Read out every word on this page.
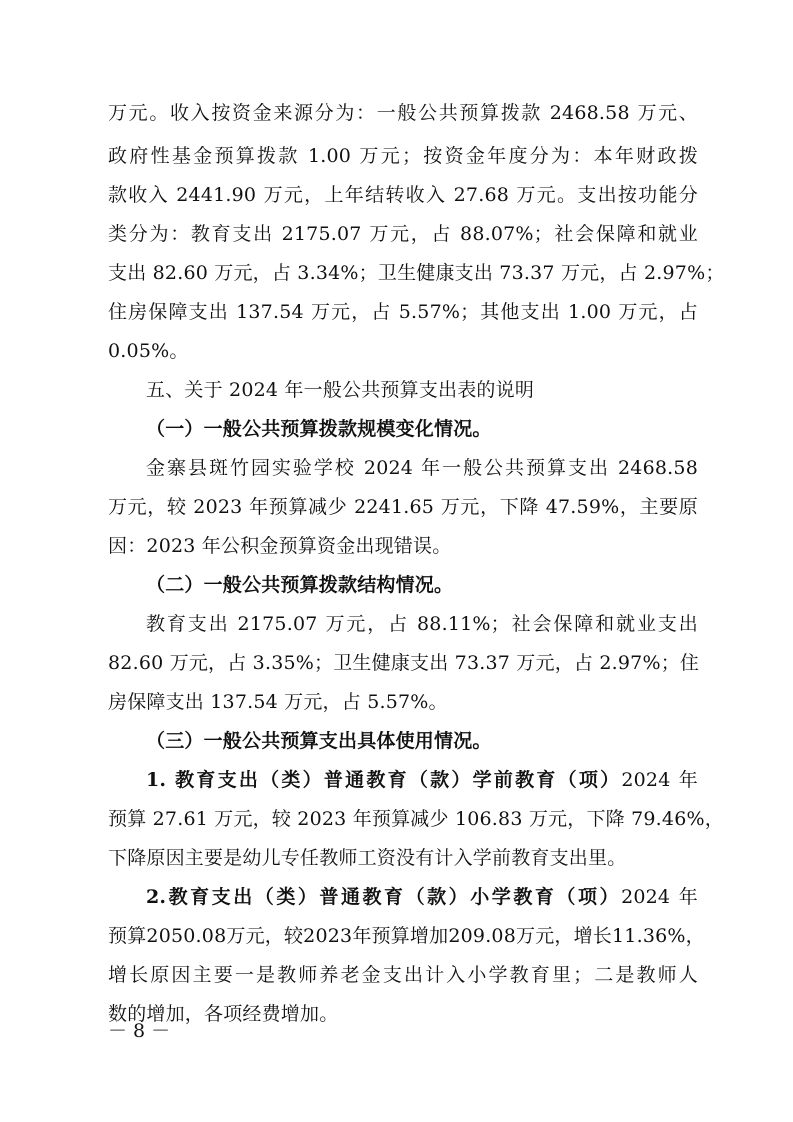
万元。收入按资金来源分为：一般公共预算拨款 2468.58 万元、
政府性基金预算拨款 1.00 万元；按资金年度分为：本年财政拨
款收入 2441.90 万元，上年结转收入 27.68 万元。支出按功能分
类分为：教育支出 2175.07 万元，占 88.07%；社会保障和就业
支出 82.60 万元，占 3.34%；卫生健康支出 73.37 万元，占 2.97%；
住房保障支出 137.54 万元，占 5.57%；其他支出 1.00 万元，占
0.05%。
五、关于 2024 年一般公共预算支出表的说明
（一）一般公共预算拨款规模变化情况。
金寨县斑竹园实验学校 2024 年一般公共预算支出 2468.58
万元，较 2023 年预算减少 2241.65 万元，下降 47.59%，主要原
因：2023 年公积金预算资金出现错误。
（二）一般公共预算拨款结构情况。
教育支出 2175.07 万元，占 88.11%；社会保障和就业支出
82.60 万元，占 3.35%；卫生健康支出 73.37 万元，占 2.97%；住
房保障支出 137.54 万元，占 5.57%。
（三）一般公共预算支出具体使用情况。
1. 教育支出（类）普通教育（款）学前教育（项）2024 年
预算 27.61 万元，较 2023 年预算减少 106.83 万元，下降 79.46%，
下降原因主要是幼儿专任教师工资没有计入学前教育支出里。
2.教育支出（类）普通教育（款）小学教育（项）2024 年
预算2050.08万元，较2023年预算增加209.08万元，增长11.36%，
增长原因主要一是教师养老金支出计入小学教育里；二是教师人
数的增加，各项经费增加。
－ 8 －
